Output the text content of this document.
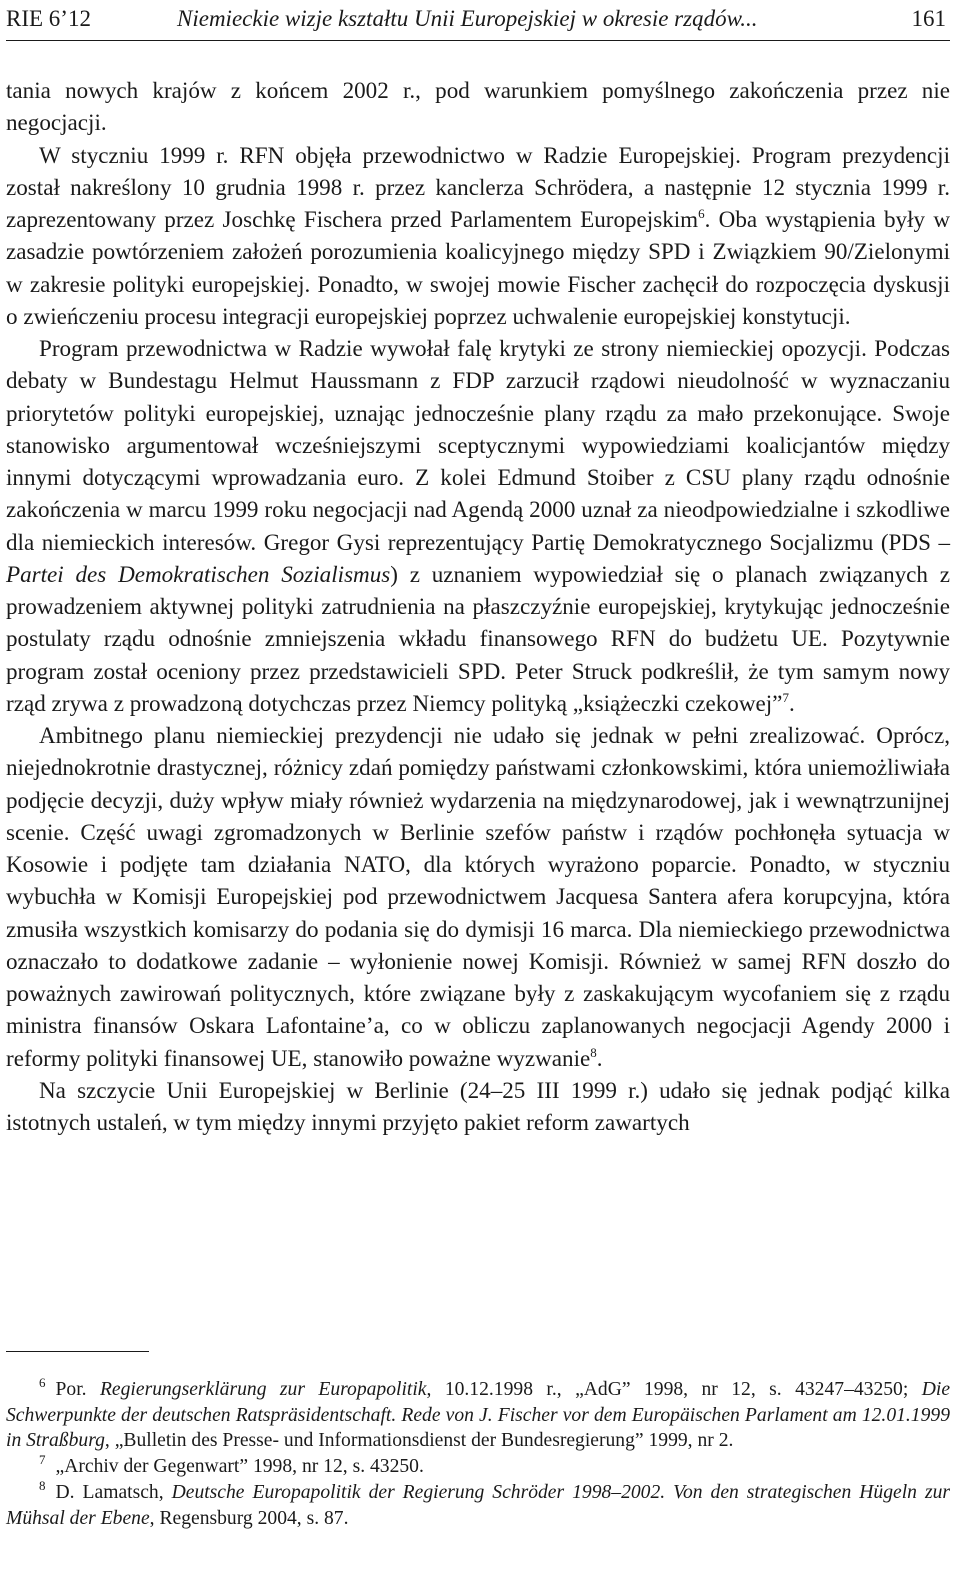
RIE 6’12	Niemieckie wizje kształtu Unii Europejskiej w okresie rządów...	161

tania nowych krajów z końcem 2002 r., pod warunkiem pomyślnego zakończenia przez nie negocjacji.

W styczniu 1999 r. RFN objęła przewodnictwo w Radzie Europejskiej. Program prezydencji został nakreślony 10 grudnia 1998 r. przez kanclerza Schrödera, a następnie 12 stycznia 1999 r. zaprezentowany przez Joschkę Fischera przed Parlamentem Europejskim$^6$. Oba wystąpienia były w zasadzie powtórzeniem założeń porozumienia koalicyjnego między SPD i Związkiem 90/Zielonymi w zakresie polityki europejskiej. Ponadto, w swojej mowie Fischer zachęcił do rozpoczęcia dyskusji o zwieńczeniu procesu integracji europejskiej poprzez uchwalenie europejskiej konstytucji.

Program przewodnictwa w Radzie wywołał falę krytyki ze strony niemieckiej opozycji. Podczas debaty w Bundestagu Helmut Haussmann z FDP zarzucił rządowi nieudolność w wyznaczaniu priorytetów polityki europejskiej, uznając jednocześnie plany rządu za mało przekonujące. Swoje stanowisko argumentował wcześniejszymi sceptycznymi wypowiedziami koalicjantów między innymi dotyczącymi wprowadzania euro. Z kolei Edmund Stoiber z CSU plany rządu odnośnie zakończenia w marcu 1999 roku negocjacji nad Agendą 2000 uznał za nieodpowiedzialne i szkodliwe dla niemieckich interesów. Gregor Gysi reprezentujący Partię Demokratycznego Socjalizmu (PDS – Partei des Demokratischen Sozialismus) z uznaniem wypowiedział się o planach związanych z prowadzeniem aktywnej polityki zatrudnienia na płaszczyźnie europejskiej, krytykując jednocześnie postulaty rządu odnośnie zmniejszenia wkładu finansowego RFN do budżetu UE. Pozytywnie program został oceniony przez przedstawicieli SPD. Peter Struck podkreślił, że tym samym nowy rząd zrywa z prowadzoną dotychczas przez Niemcy polityką „książeczki czekowej”$^7$.

Ambitnego planu niemieckiej prezydencji nie udało się jednak w pełni zrealizować. Oprócz, niejednokrotnie drastycznej, różnicy zdań pomiędzy państwami członkowskimi, która uniemożliwiała podjęcie decyzji, duży wpływ miały również wydarzenia na międzynarodowej, jak i wewnątrzunijnej scenie. Część uwagi zgromadzonych w Berlinie szefów państw i rządów pochłonęła sytuacja w Kosowie i podjęte tam działania NATO, dla których wyrażono poparcie. Ponadto, w styczniu wybuchła w Komisji Europejskiej pod przewodnictwem Jacquesa Santera afera korupcyjna, która zmusiła wszystkich komisarzy do podania się do dymisji 16 marca. Dla niemieckiego przewodnictwa oznaczało to dodatkowe zadanie – wyłonienie nowej Komisji. Również w samej RFN doszło do poważnych zawirowań politycznych, które związane były z zaskakującym wycofaniem się z rządu ministra finansów Oskara Lafontaine’a, co w obliczu zaplanowanych negocjacji Agendy 2000 i reformy polityki finansowej UE, stanowiło poważne wyzwanie$^8$.

Na szczycie Unii Europejskiej w Berlinie (24–25 III 1999 r.) udało się jednak podjąć kilka istotnych ustaleń, w tym między innymi przyjęto pakiet reform zawartych

$^6$ Por. Regierungserklärung zur Europapolitik, 10.12.1998 r., „AdG” 1998, nr 12, s. 43247–43250; Die Schwerpunkte der deutschen Ratspräsidentschaft. Rede von J. Fischer vor dem Europäischen Parlament am 12.01.1999 in Straßburg, „Bulletin des Presse- und Informationsdienst der Bundesregierung” 1999, nr 2.

$^7$ „Archiv der Gegenwart” 1998, nr 12, s. 43250.

$^8$ D. Lamatsch, Deutsche Europapolitik der Regierung Schröder 1998–2002. Von den strategischen Hügeln zur Mühsal der Ebene, Regensburg 2004, s. 87.
